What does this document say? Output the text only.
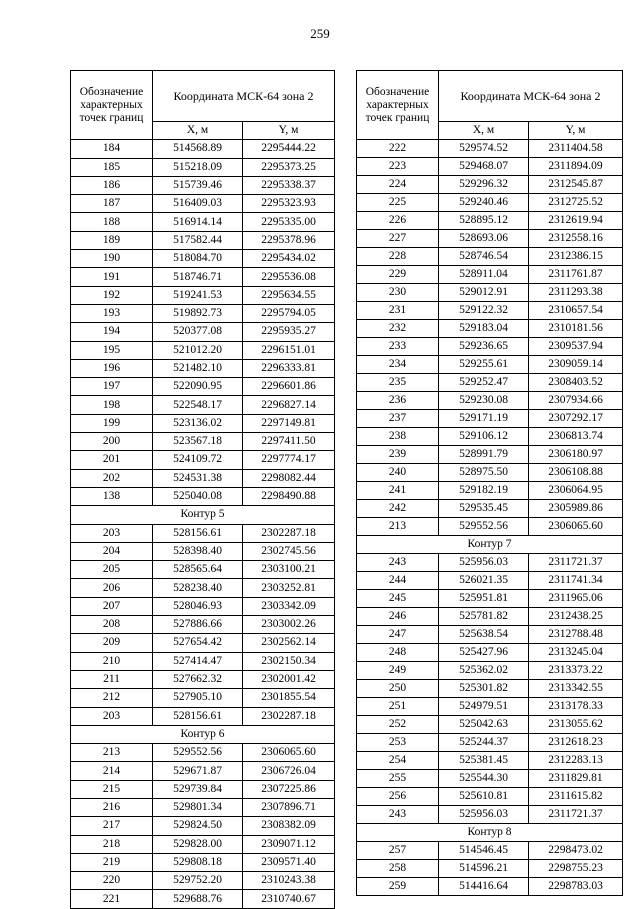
259
Обозначение характерных точек границ	Координата МСК-64 зона 2	
	X, м	Y, м
184	514568.89	2295444.22
185	515218.09	2295373.25
186	515739.46	2295338.37
187	516409.03	2295323.93
188	516914.14	2295335.00
189	517582.44	2295378.96
190	518084.70	2295434.02
191	518746.71	2295536.08
192	519241.53	2295634.55
193	519892.73	2295794.05
194	520377.08	2295935.27
195	521012.20	2296151.01
196	521482.10	2296333.81
197	522090.95	2296601.86
198	522548.17	2296827.14
199	523136.02	2297149.81
200	523567.18	2297411.50
201	524109.72	2297774.17
202	524531.38	2298082.44
138	525040.08	2298490.88
Контур 5		
203	528156.61	2302287.18
204	528398.40	2302745.56
205	528565.64	2303100.21
206	528238.40	2303252.81
207	528046.93	2303342.09
208	527886.66	2303002.26
209	527654.42	2302562.14
210	527414.47	2302150.34
211	527662.32	2302001.42
212	527905.10	2301855.54
203	528156.61	2302287.18
Контур 6		
213	529552.56	2306065.60
214	529671.87	2306726.04
215	529739.84	2307225.86
216	529801.34	2307896.71
217	529824.50	2308382.09
218	529828.00	2309071.12
219	529808.18	2309571.40
220	529752.20	2310243.38
221	529688.76	2310740.67
Обозначение характерных точек границ	Координата МСК-64 зона 2	
	X, м	Y, м
222	529574.52	2311404.58
223	529468.07	2311894.09
224	529296.32	2312545.87
225	529240.46	2312725.52
226	528895.12	2312619.94
227	528693.06	2312558.16
228	528746.54	2312386.15
229	528911.04	2311761.87
230	529012.91	2311293.38
231	529122.32	2310657.54
232	529183.04	2310181.56
233	529236.65	2309537.94
234	529255.61	2309059.14
235	529252.47	2308403.52
236	529230.08	2307934.66
237	529171.19	2307292.17
238	529106.12	2306813.74
239	528991.79	2306180.97
240	528975.50	2306108.88
241	529182.19	2306064.95
242	529535.45	2305989.86
213	529552.56	2306065.60
Контур 7		
243	525956.03	2311721.37
244	526021.35	2311741.34
245	525951.81	2311965.06
246	525781.82	2312438.25
247	525638.54	2312788.48
248	525427.96	2313245.04
249	525362.02	2313373.22
250	525301.82	2313342.55
251	524979.51	2313178.33
252	525042.63	2313055.62
253	525244.37	2312618.23
254	525381.45	2312283.13
255	525544.30	2311829.81
256	525610.81	2311615.82
243	525956.03	2311721.37
Контур 8		
257	514546.45	2298473.02
258	514596.21	2298755.23
259	514416.64	2298783.03
